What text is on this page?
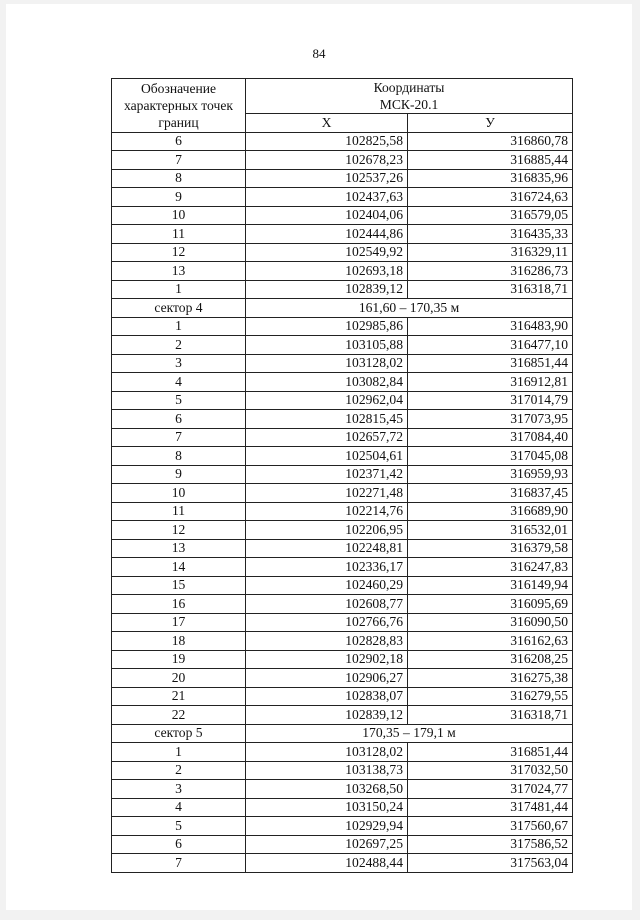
84
Обозначение
характерных точек
границ	Координаты
МСК-20.1	
	X	У
6	102825,58	316860,78
7	102678,23	316885,44
8	102537,26	316835,96
9	102437,63	316724,63
10	102404,06	316579,05
11	102444,86	316435,33
12	102549,92	316329,11
13	102693,18	316286,73
1	102839,12	316318,71
сектор 4	161,60 – 170,35 м	
1	102985,86	316483,90
2	103105,88	316477,10
3	103128,02	316851,44
4	103082,84	316912,81
5	102962,04	317014,79
6	102815,45	317073,95
7	102657,72	317084,40
8	102504,61	317045,08
9	102371,42	316959,93
10	102271,48	316837,45
11	102214,76	316689,90
12	102206,95	316532,01
13	102248,81	316379,58
14	102336,17	316247,83
15	102460,29	316149,94
16	102608,77	316095,69
17	102766,76	316090,50
18	102828,83	316162,63
19	102902,18	316208,25
20	102906,27	316275,38
21	102838,07	316279,55
22	102839,12	316318,71
сектор 5	170,35 – 179,1 м	
1	103128,02	316851,44
2	103138,73	317032,50
3	103268,50	317024,77
4	103150,24	317481,44
5	102929,94	317560,67
6	102697,25	317586,52
7	102488,44	317563,04
